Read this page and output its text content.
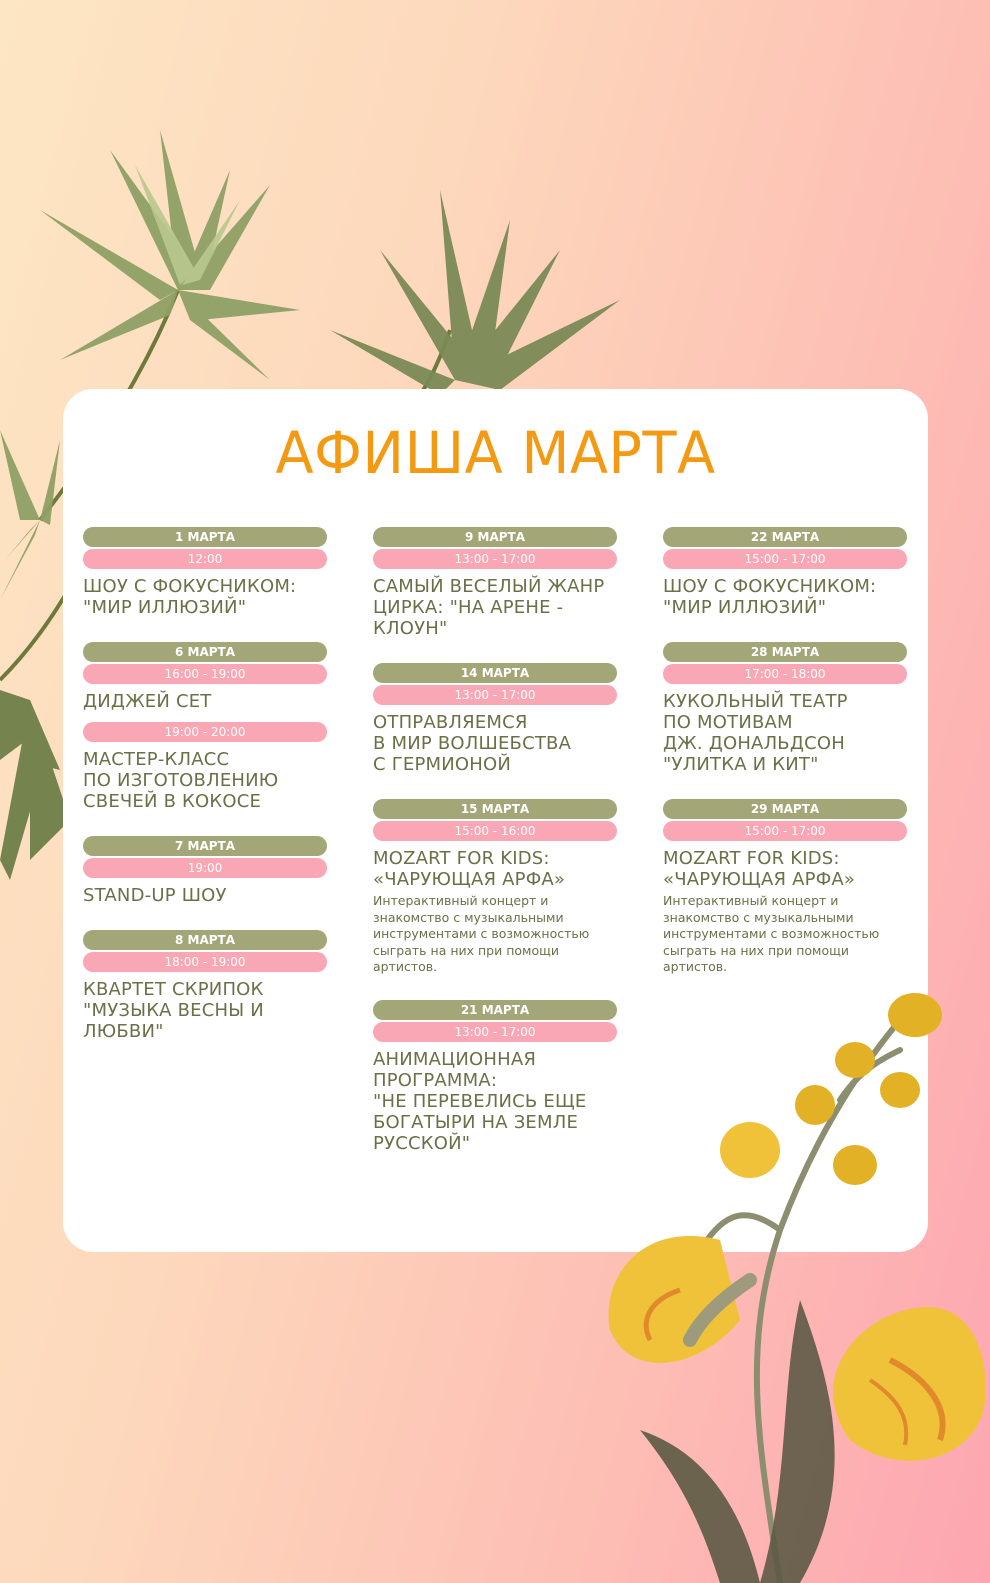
АФИША МАРТА
1 МАРТА
12:00
ШОУ С ФОКУСНИКОМ:
"МИР ИЛЛЮЗИЙ"
6 МАРТА
16:00 - 19:00
ДИДЖЕЙ СЕТ
19:00 - 20:00
МАСТЕР-КЛАСС
ПО ИЗГОТОВЛЕНИЮ
СВЕЧЕЙ В КОКОСЕ
7 МАРТА
19:00
STAND-UP ШОУ
8 МАРТА
18:00 - 19:00
КВАРТЕТ СКРИПОК
"МУЗЫКА ВЕСНЫ И
ЛЮБВИ"
9 МАРТА
13:00 - 17:00
САМЫЙ ВЕСЕЛЫЙ ЖАНР
ЦИРКА: "НА АРЕНЕ -
КЛОУН"
14 МАРТА
13:00 - 17:00
ОТПРАВЛЯЕМСЯ
В МИР ВОЛШЕБСТВА
С ГЕРМИОНОЙ
15 МАРТА
15:00 - 16:00
MOZART FOR KIDS:
«ЧАРУЮЩАЯ АРФА»
Интерактивный концерт и знакомство с музыкальными инструментами с возможностью сыграть на них при помощи артистов.
21 МАРТА
13:00 - 17:00
АНИМАЦИОННАЯ
ПРОГРАММА:
"НЕ ПЕРЕВЕЛИСЬ ЕЩЕ
БОГАТЫРИ НА ЗЕМЛЕ
РУССКОЙ"
22 МАРТА
15:00 - 17:00
ШОУ С ФОКУСНИКОМ:
"МИР ИЛЛЮЗИЙ"
28 МАРТА
17:00 - 18:00
КУКОЛЬНЫЙ ТЕАТР
ПО МОТИВАМ
ДЖ. ДОНАЛЬДСОН
"УЛИТКА И КИТ"
29 МАРТА
15:00 - 17:00
MOZART FOR KIDS:
«ЧАРУЮЩАЯ АРФА»
Интерактивный концерт и знакомство с музыкальными инструментами с возможностью сыграть на них при помощи артистов.
